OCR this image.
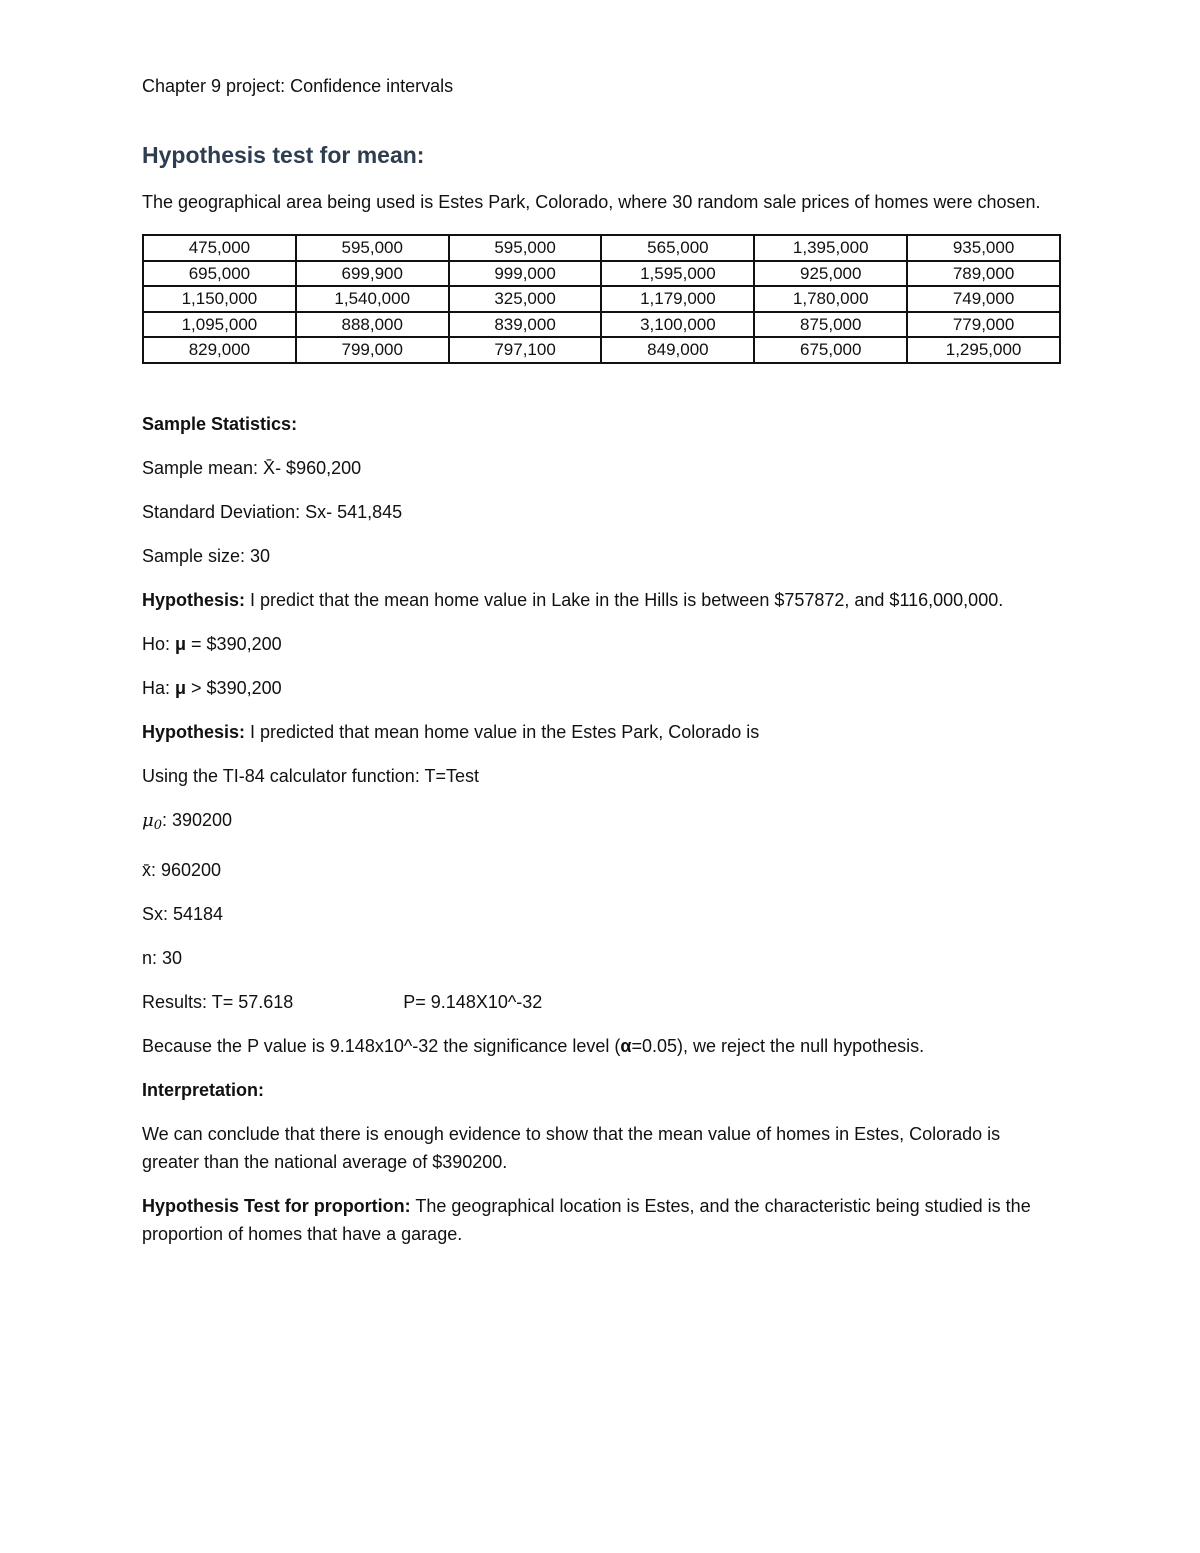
Chapter 9 project: Confidence intervals
Hypothesis test for mean:
The geographical area being used is Estes Park, Colorado, where 30 random sale prices of homes were chosen.
475,000	595,000	595,000	565,000	1,395,000	935,000
695,000	699,900	999,000	1,595,000	925,000	789,000
1,150,000	1,540,000	325,000	1,179,000	1,780,000	749,000
1,095,000	888,000	839,000	3,100,000	875,000	779,000
829,000	799,000	797,100	849,000	675,000	1,295,000
Sample Statistics:
Sample mean: X̄- $960,200
Standard Deviation: Sx- 541,845
Sample size: 30
Hypothesis: I predict that the mean home value in Lake in the Hills is between $757872, and $116,000,000.
Ho: μ = $390,200
Ha: μ > $390,200
Hypothesis: I predicted that mean home value in the Estes Park, Colorado is
Using the TI-84 calculator function: T=Test
μ0: 390200
x̄: 960200
Sx: 54184
n: 30
Results: T= 57.618	P= 9.148X10^-32
Because the P value is 9.148x10^-32 the significance level (α=0.05), we reject the null hypothesis.
Interpretation:
We can conclude that there is enough evidence to show that the mean value of homes in Estes, Colorado is greater than the national average of $390200.
Hypothesis Test for proportion: The geographical location is Estes, and the characteristic being studied is the proportion of homes that have a garage.
